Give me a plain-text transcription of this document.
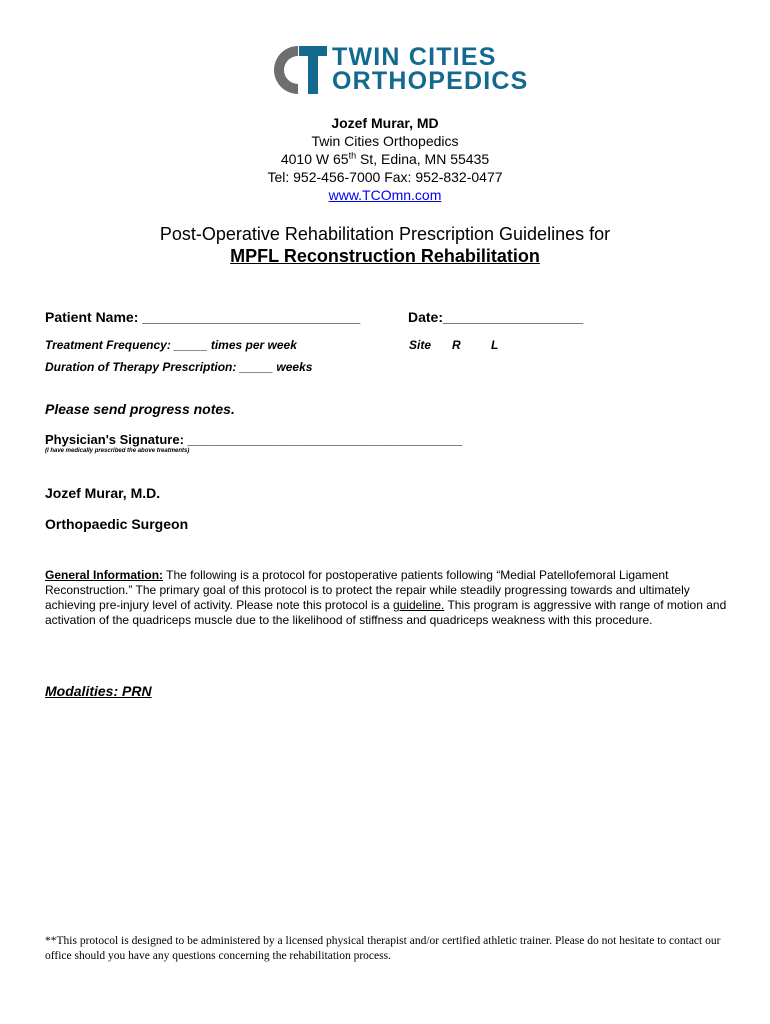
TWIN CITIES
ORTHOPEDICS
Jozef Murar, MD
Twin Cities Orthopedics
4010 W 65th St, Edina, MN 55435
Tel: 952-456-7000 Fax: 952-832-0477
www.TCOmn.com
Post-Operative Rehabilitation Prescription Guidelines for
MPFL Reconstruction Rehabilitation
Patient Name: ____________________________	Date:__________________
Treatment Frequency: _____ times per week	Site R	L
Duration of Therapy Prescription: _____ weeks
Please send progress notes.
Physician's Signature: ______________________________________
(I have medically prescribed the above treatments)
Jozef Murar, M.D.
Orthopaedic Surgeon
General Information: The following is a protocol for postoperative patients following “Medial Patellofemoral Ligament Reconstruction.” The primary goal of this protocol is to protect the repair while steadily progressing towards and ultimately achieving pre-injury level of activity. Please note this protocol is a guideline. This program is aggressive with range of motion and activation of the quadriceps muscle due to the likelihood of stiffness and quadriceps weakness with this procedure.
Modalities: PRN
**This protocol is designed to be administered by a licensed physical therapist and/or certified athletic trainer. Please do not hesitate to contact our office should you have any questions concerning the rehabilitation process.
